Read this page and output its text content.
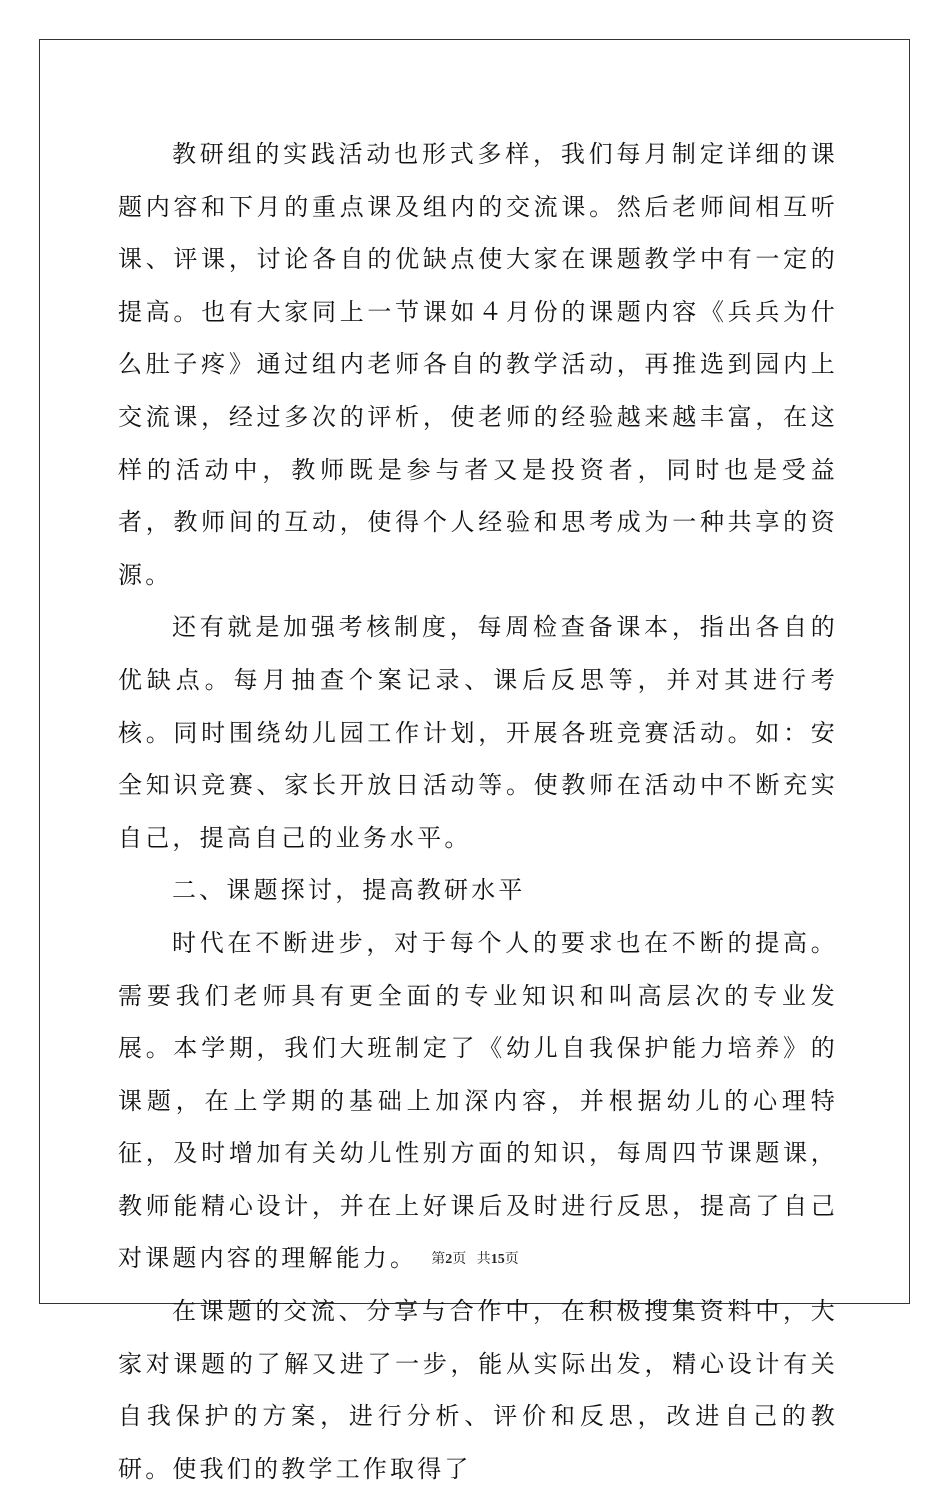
教研组的实践活动也形式多样，我们每月制定详细的课题内容和下月的重点课及组内的交流课。然后老师间相互听课、评课，讨论各自的优缺点使大家在课题教学中有一定的提高。也有大家同上一节课如４月份的课题内容《兵兵为什么肚子疼》通过组内老师各自的教学活动，再推选到园内上交流课，经过多次的评析，使老师的经验越来越丰富，在这样的活动中，教师既是参与者又是投资者，同时也是受益者，教师间的互动，使得个人经验和思考成为一种共享的资源。

还有就是加强考核制度，每周检查备课本，指出各自的优缺点。每月抽查个案记录、课后反思等，并对其进行考核。同时围绕幼儿园工作计划，开展各班竞赛活动。如：安全知识竞赛、家长开放日活动等。使教师在活动中不断充实自己，提高自己的业务水平。

二、课题探讨，提高教研水平

时代在不断进步，对于每个人的要求也在不断的提高。需要我们老师具有更全面的专业知识和叫高层次的专业发展。本学期，我们大班制定了《幼儿自我保护能力培养》的课题，在上学期的基础上加深内容，并根据幼儿的心理特征，及时增加有关幼儿性别方面的知识，每周四节课题课，教师能精心设计，并在上好课后及时进行反思，提高了自己对课题内容的理解能力。

在课题的交流、分享与合作中，在积极搜集资料中，大家对课题的了解又进了一步，能从实际出发，精心设计有关自我保护的方案，进行分析、评价和反思，改进自己的教研。使我们的教学工作取得了

第2页 共15页
